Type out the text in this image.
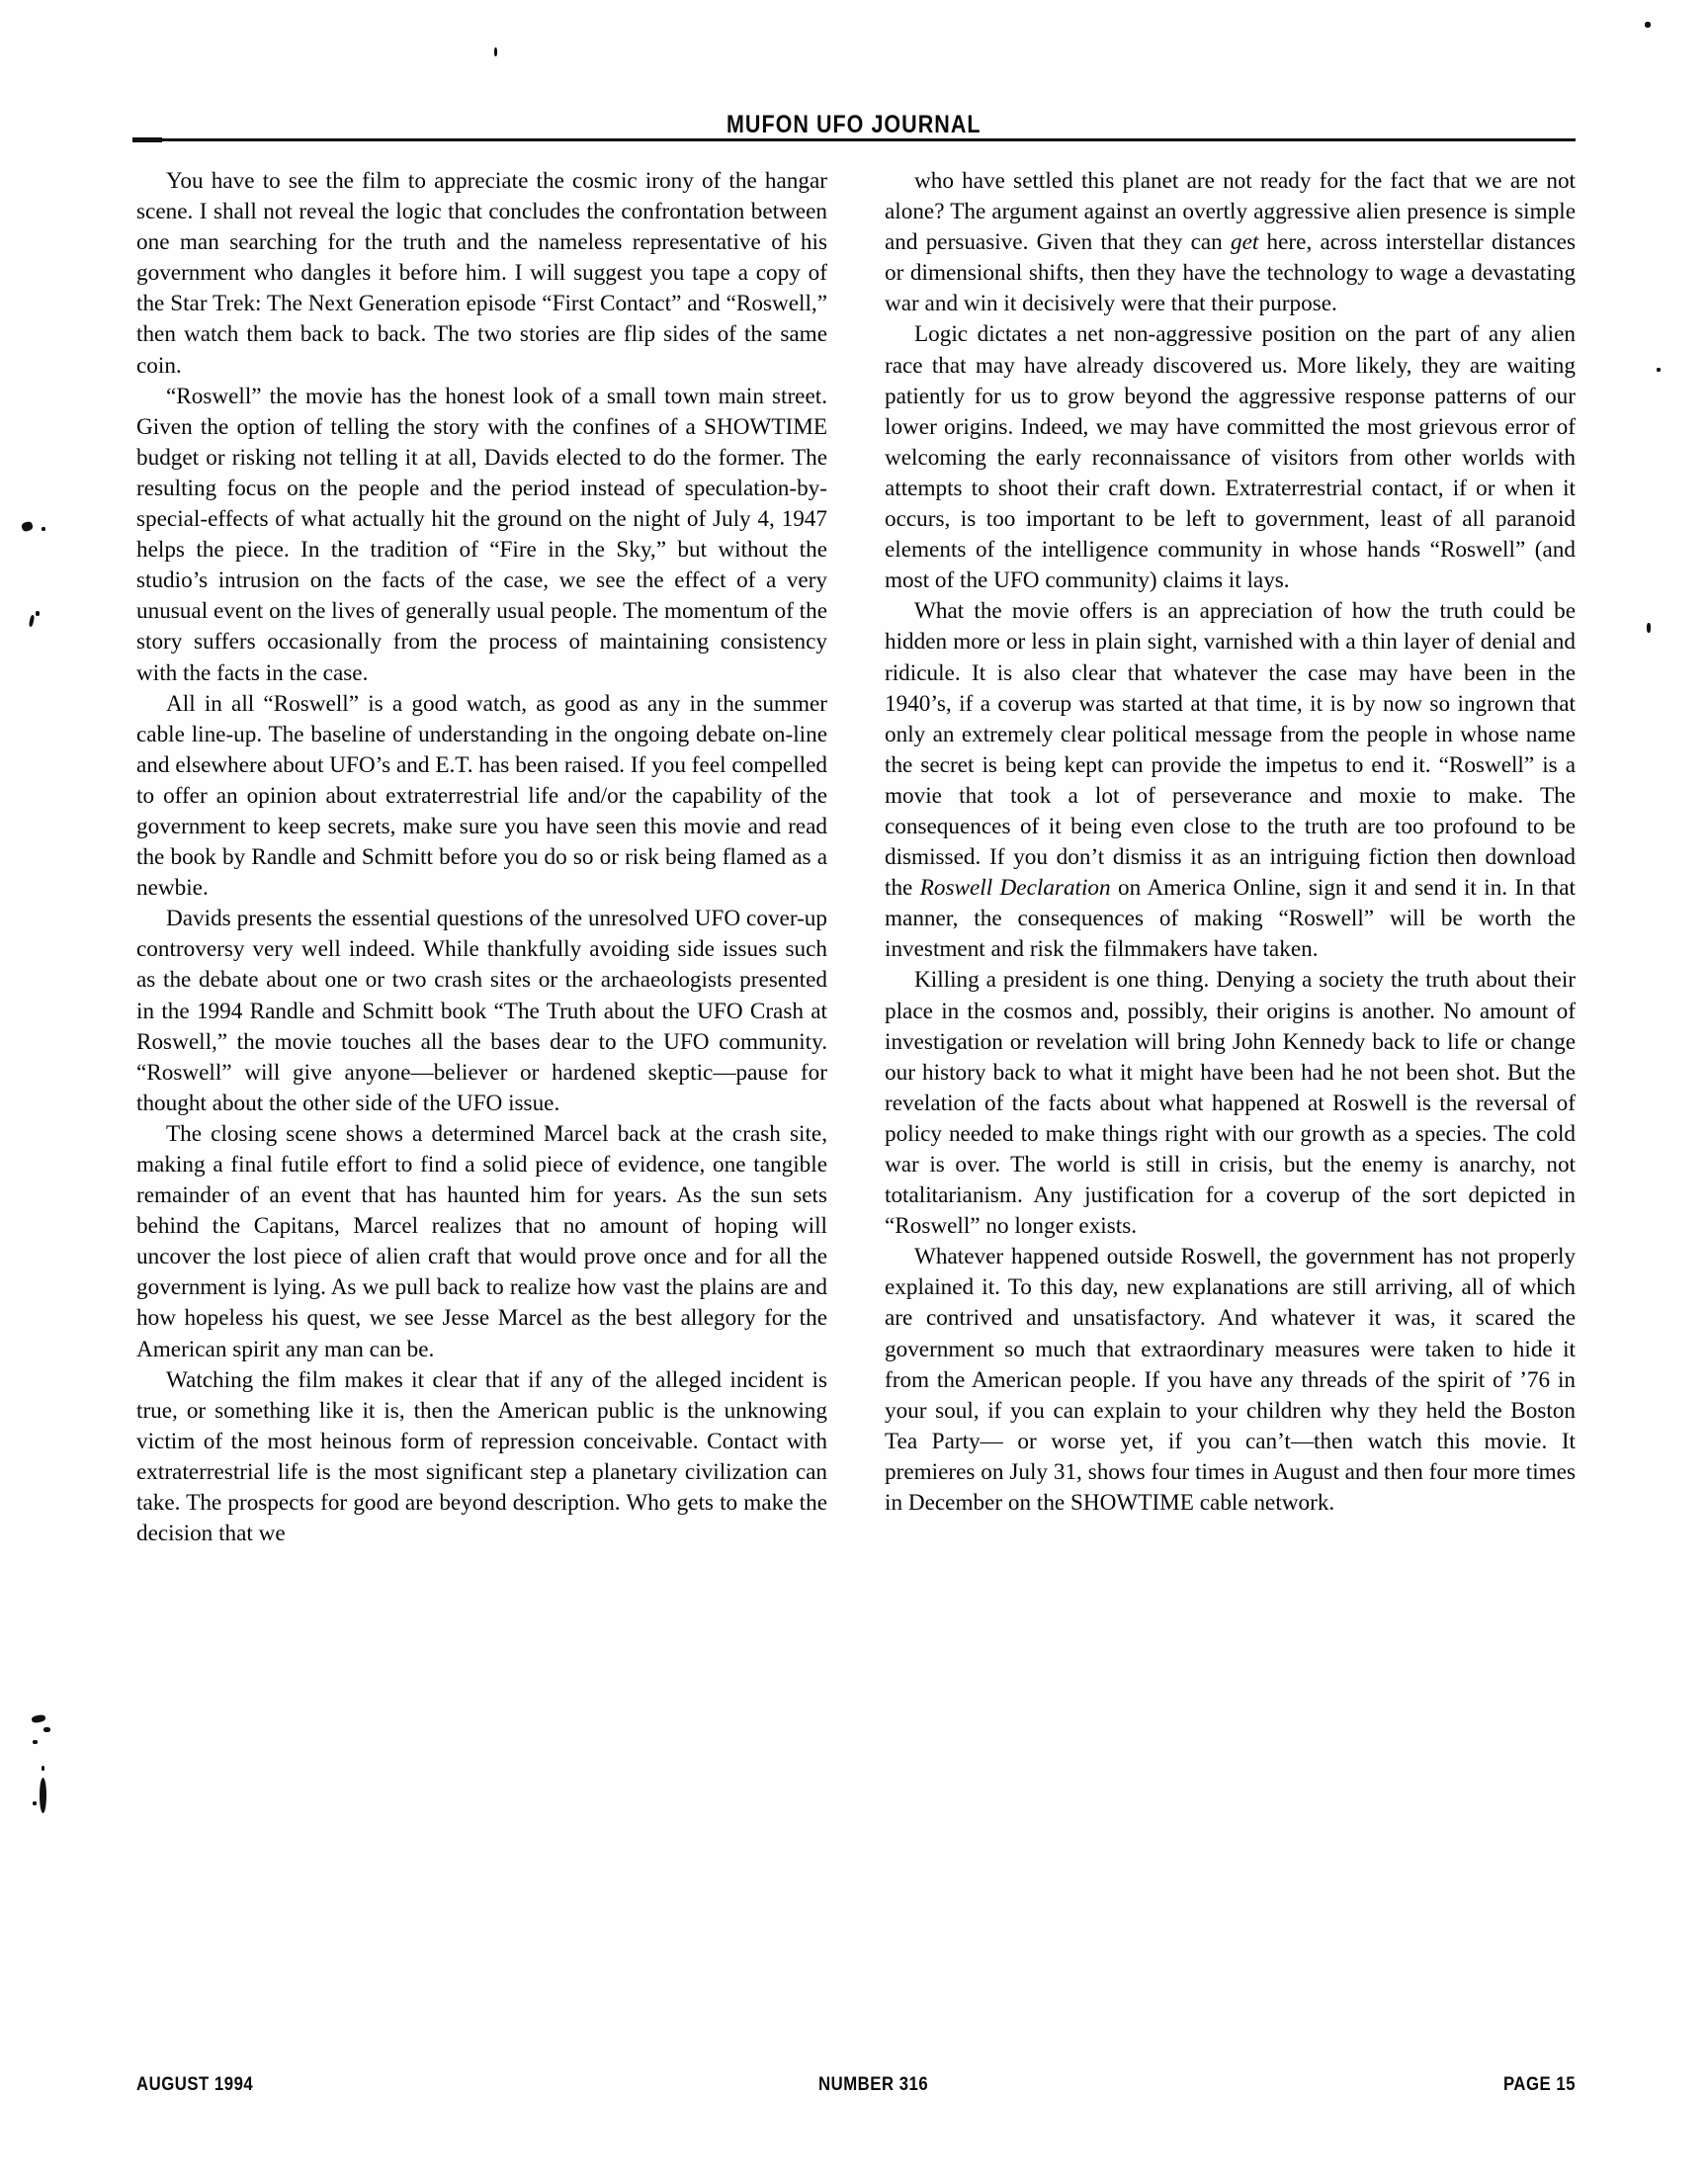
MUFON UFO JOURNAL

You have to see the film to appreciate the cosmic irony of the hangar scene. I shall not reveal the logic that concludes the confrontation between one man searching for the truth and the nameless representative of his government who dangles it before him. I will suggest you tape a copy of the Star Trek: The Next Generation episode “First Contact” and “Roswell,” then watch them back to back. The two stories are flip sides of the same coin.

“Roswell” the movie has the honest look of a small town main street. Given the option of telling the story with the confines of a SHOWTIME budget or risking not telling it at all, Davids elected to do the former. The resulting focus on the people and the period instead of speculation-by-special-effects of what actually hit the ground on the night of July 4, 1947 helps the piece. In the tradition of “Fire in the Sky,” but without the studio’s intrusion on the facts of the case, we see the effect of a very unusual event on the lives of generally usual people. The momentum of the story suffers occasionally from the process of maintaining consistency with the facts in the case.

All in all “Roswell” is a good watch, as good as any in the summer cable line-up. The baseline of understanding in the ongoing debate on-line and elsewhere about UFO’s and E.T. has been raised. If you feel compelled to offer an opinion about extraterrestrial life and/or the capability of the government to keep secrets, make sure you have seen this movie and read the book by Randle and Schmitt before you do so or risk being flamed as a newbie.

Davids presents the essential questions of the unresolved UFO cover-up controversy very well indeed. While thankfully avoiding side issues such as the debate about one or two crash sites or the archaeologists presented in the 1994 Randle and Schmitt book “The Truth about the UFO Crash at Roswell,” the movie touches all the bases dear to the UFO community. “Roswell” will give anyone—believer or hardened skeptic—pause for thought about the other side of the UFO issue.

The closing scene shows a determined Marcel back at the crash site, making a final futile effort to find a solid piece of evidence, one tangible remainder of an event that has haunted him for years. As the sun sets behind the Capitans, Marcel realizes that no amount of hoping will uncover the lost piece of alien craft that would prove once and for all the government is lying. As we pull back to realize how vast the plains are and how hopeless his quest, we see Jesse Marcel as the best allegory for the American spirit any man can be.

Watching the film makes it clear that if any of the alleged incident is true, or something like it is, then the American public is the unknowing victim of the most heinous form of repression conceivable. Contact with extraterrestrial life is the most significant step a planetary civilization can take. The prospects for good are beyond description. Who gets to make the decision that we

who have settled this planet are not ready for the fact that we are not alone? The argument against an overtly aggressive alien presence is simple and persuasive. Given that they can get here, across interstellar distances or dimensional shifts, then they have the technology to wage a devastating war and win it decisively were that their purpose.

Logic dictates a net non-aggressive position on the part of any alien race that may have already discovered us. More likely, they are waiting patiently for us to grow beyond the aggressive response patterns of our lower origins. Indeed, we may have committed the most grievous error of welcoming the early reconnaissance of visitors from other worlds with attempts to shoot their craft down. Extraterrestrial contact, if or when it occurs, is too important to be left to government, least of all paranoid elements of the intelligence community in whose hands “Roswell” (and most of the UFO community) claims it lays.

What the movie offers is an appreciation of how the truth could be hidden more or less in plain sight, varnished with a thin layer of denial and ridicule. It is also clear that whatever the case may have been in the 1940’s, if a coverup was started at that time, it is by now so ingrown that only an extremely clear political message from the people in whose name the secret is being kept can provide the impetus to end it. “Roswell” is a movie that took a lot of perseverance and moxie to make. The consequences of it being even close to the truth are too profound to be dismissed. If you don’t dismiss it as an intriguing fiction then download the Roswell Declaration on America Online, sign it and send it in. In that manner, the consequences of making “Roswell” will be worth the investment and risk the filmmakers have taken.

Killing a president is one thing. Denying a society the truth about their place in the cosmos and, possibly, their origins is another. No amount of investigation or revelation will bring John Kennedy back to life or change our history back to what it might have been had he not been shot. But the revelation of the facts about what happened at Roswell is the reversal of policy needed to make things right with our growth as a species. The cold war is over. The world is still in crisis, but the enemy is anarchy, not totalitarianism. Any justification for a coverup of the sort depicted in “Roswell” no longer exists.

Whatever happened outside Roswell, the government has not properly explained it. To this day, new explanations are still arriving, all of which are contrived and unsatisfactory. And whatever it was, it scared the government so much that extraordinary measures were taken to hide it from the American people. If you have any threads of the spirit of ’76 in your soul, if you can explain to your children why they held the Boston Tea Party— or worse yet, if you can’t—then watch this movie. It premieres on July 31, shows four times in August and then four more times in December on the SHOWTIME cable network.

AUGUST 1994	NUMBER 316	PAGE 15
